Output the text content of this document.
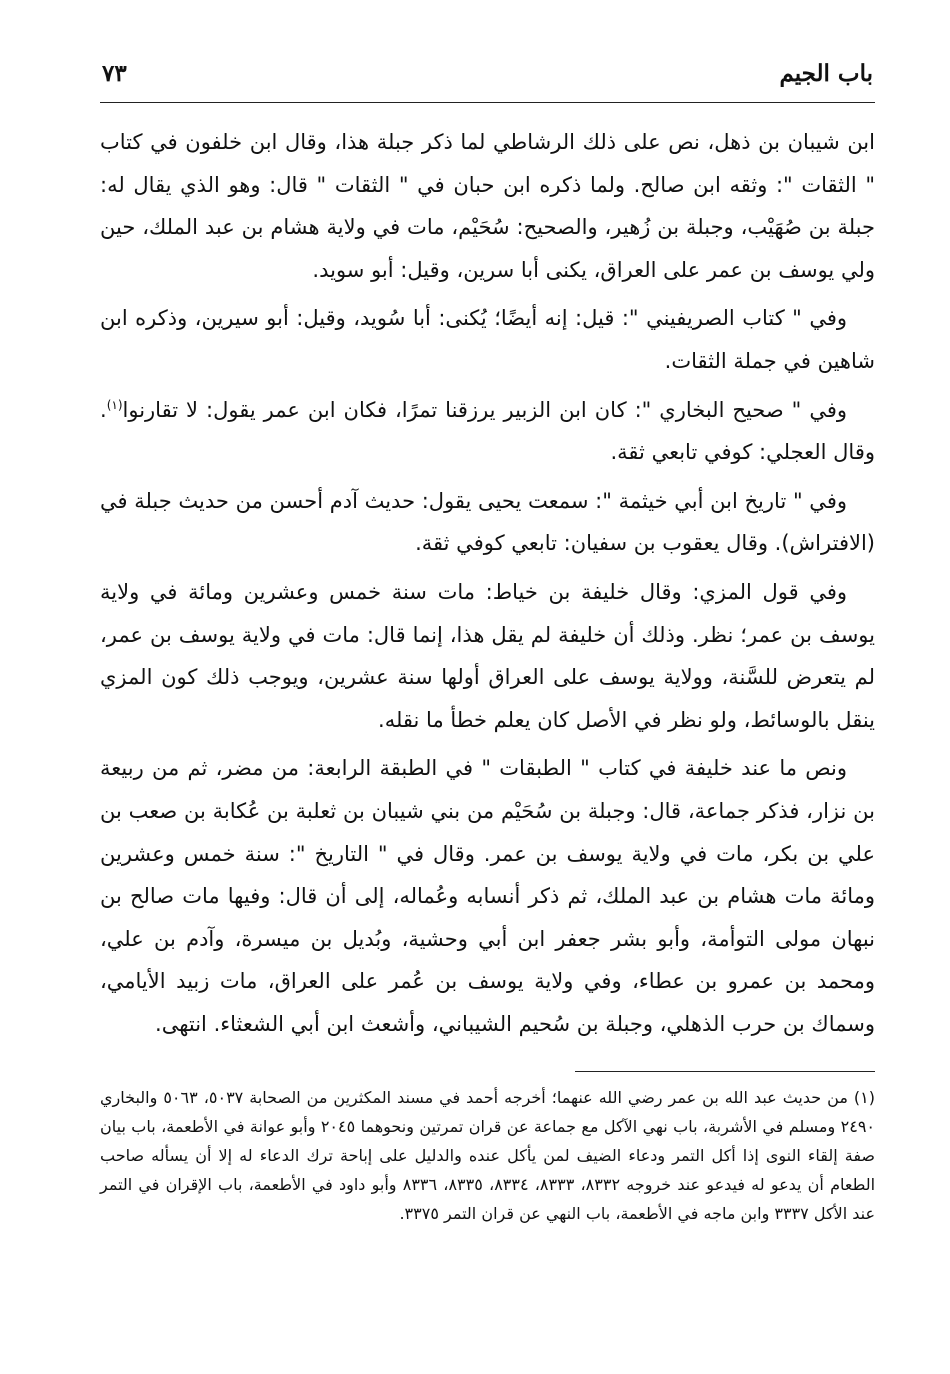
باب الجيم
٧٣

ابن شيبان بن ذهل، نص على ذلك الرشاطي لما ذكر جبلة هذا، وقال ابن خلفون في كتاب " الثقات ": وثقه ابن صالح. ولما ذكره ابن حبان في " الثقات " قال: وهو الذي يقال له: جبلة بن صُهَيْب، وجبلة بن زُهير، والصحيح: سُحَيْم، مات في ولاية هشام بن عبد الملك، حين ولي يوسف بن عمر على العراق، يكنى أبا سرين، وقيل: أبو سويد.

وفي " كتاب الصريفيني ": قيل: إنه أيضًا؛ يُكنى: أبا سُويد، وقيل: أبو سيرين، وذكره ابن شاهين في جملة الثقات.

وفي " صحيح البخاري ": كان ابن الزبير يرزقنا تمرًا، فكان ابن عمر يقول: لا تقارنوا$^{(١)}$. وقال العجلي: كوفي تابعي ثقة.

وفي " تاريخ ابن أبي خيثمة ": سمعت يحيى يقول: حديث آدم أحسن من حديث جبلة في (الافتراش). وقال يعقوب بن سفيان: تابعي كوفي ثقة.

وفي قول المزي: وقال خليفة بن خياط: مات سنة خمس وعشرين ومائة في ولاية يوسف بن عمر؛ نظر. وذلك أن خليفة لم يقل هذا، إنما قال: مات في ولاية يوسف بن عمر، لم يتعرض للسَّنة، وولاية يوسف على العراق أولها سنة عشرين، ويوجب ذلك كون المزي ينقل بالوسائط، ولو نظر في الأصل كان يعلم خطأ ما نقله.

ونص ما عند خليفة في كتاب " الطبقات " في الطبقة الرابعة: من مضر، ثم من ربيعة بن نزار، فذكر جماعة، قال: وجبلة بن سُحَيْم من بني شيبان بن ثعلبة بن عُكابة بن صعب بن علي بن بكر، مات في ولاية يوسف بن عمر. وقال في " التاريخ ": سنة خمس وعشرين ومائة مات هشام بن عبد الملك، ثم ذكر أنسابه وعُماله، إلى أن قال: وفيها مات صالح بن نبهان مولى التوأمة، وأبو بشر جعفر ابن أبي وحشية، وبُديل بن ميسرة، وآدم بن علي، ومحمد بن عمرو بن عطاء، وفي ولاية يوسف بن عُمر على العراق، مات زبيد الأيامي، وسماك بن حرب الذهلي، وجبلة بن سُحيم الشيباني، وأشعث ابن أبي الشعثاء. انتهى.

(١)من حديث عبد الله بن عمر رضي الله عنهما؛ أخرجه أحمد في مسند المكثرين من الصحابة ٥٠٣٧، ٥٠٦٣ والبخاري ٢٤٩٠ ومسلم في الأشربة، باب نهي الآكل مع جماعة عن قران تمرتين ونحوهما ٢٠٤٥ وأبو عوانة في الأطعمة، باب بيان صفة إلقاء النوى إذا أكل التمر ودعاء الضيف لمن يأكل عنده والدليل على إباحة ترك الدعاء له إلا أن يسأله صاحب الطعام أن يدعو له فيدعو عند خروجه ٨٣٣٢، ٨٣٣٣، ٨٣٣٤، ٨٣٣٥، ٨٣٣٦ وأبو داود في الأطعمة، باب الإقران في التمر عند الأكل ٣٣٣٧ وابن ماجه في الأطعمة، باب النهي عن قران التمر ٣٣٧٥.
